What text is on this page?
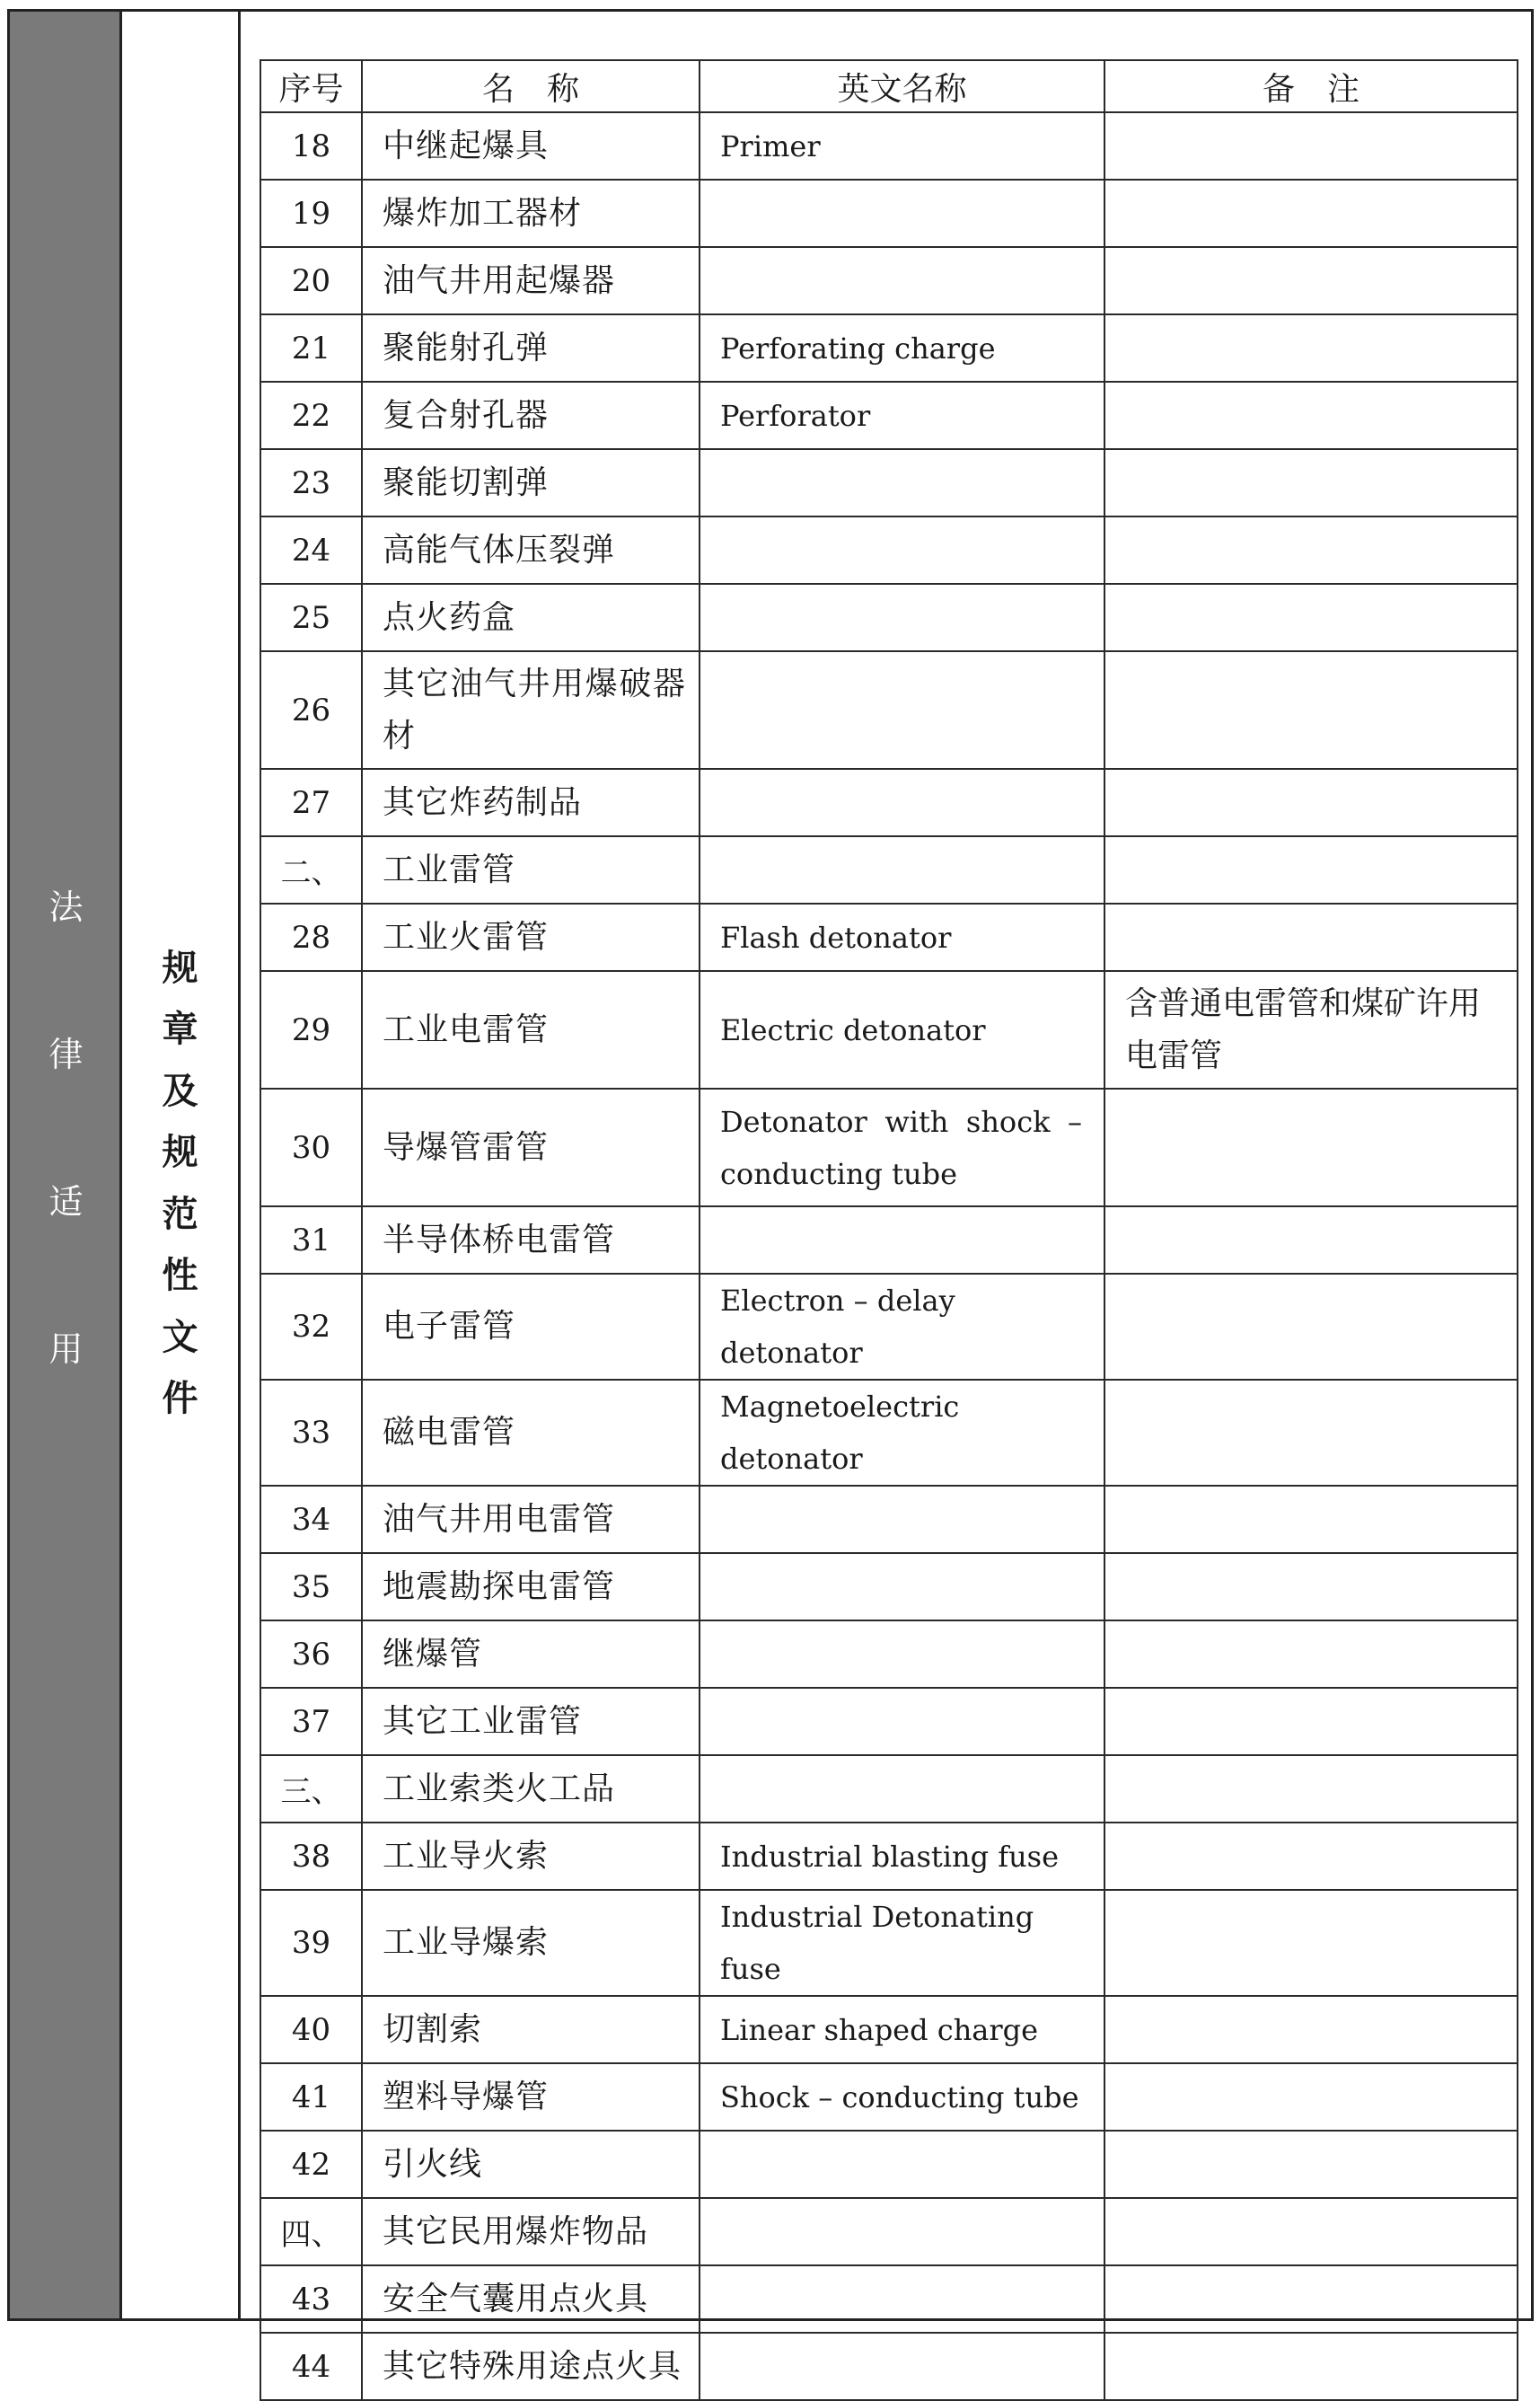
法
律
适
用
规
章
及
规
范
性
文
件
序号	名　称	英文名称	备　注
18	中继起爆具	Primer	
19	爆炸加工器材		
20	油气井用起爆器		
21	聚能射孔弹	Perforating charge	
22	复合射孔器	Perforator	
23	聚能切割弹		
24	高能气体压裂弹		
25	点火药盒		
26	其它油气井用爆破器材		
27	其它炸药制品		
二、	工业雷管		
28	工业火雷管	Flash detonator	
29	工业电雷管	Electric detonator	含普通电雷管和煤矿许用电雷管
30	导爆管雷管	Detonator with shock – conducting tube	
31	半导体桥电雷管		
32	电子雷管	Electron – delay detonator	
33	磁电雷管	Magnetoelectric detonator	
34	油气井用电雷管		
35	地震勘探电雷管		
36	继爆管		
37	其它工业雷管		
三、	工业索类火工品		
38	工业导火索	Industrial blasting fuse	
39	工业导爆索	Industrial Detonating fuse	
40	切割索	Linear shaped charge	
41	塑料导爆管	Shock – conducting tube	
42	引火线		
四、	其它民用爆炸物品		
43	安全气囊用点火具		
44	其它特殊用途点火具		
